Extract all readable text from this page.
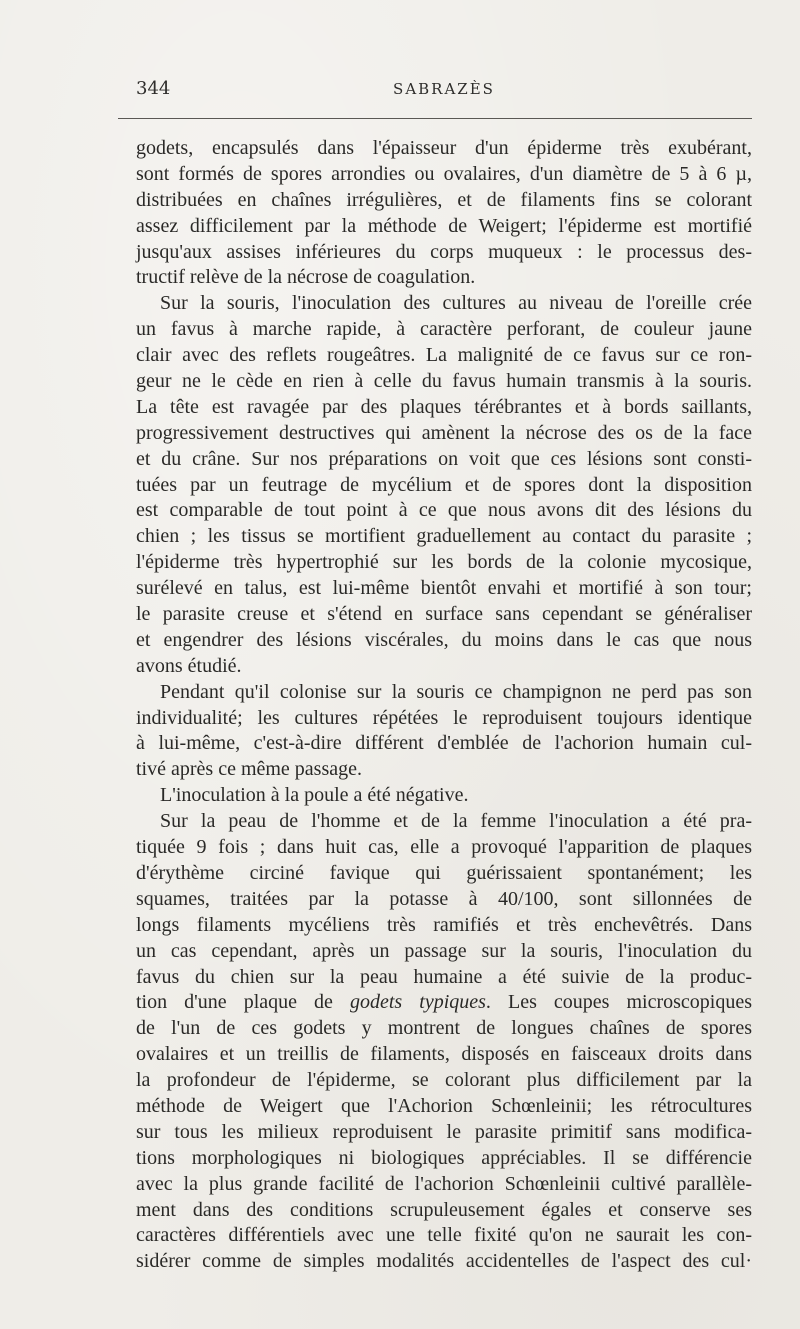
344	SABRAZÈS
godets, encapsulés dans l'épaisseur d'un épiderme très exubérant,
sont formés de spores arrondies ou ovalaires, d'un diamètre de 5 à 6 µ,
distribuées en chaînes irrégulières, et de filaments fins se colorant
assez difficilement par la méthode de Weigert; l'épiderme est mortifié
jusqu'aux assises inférieures du corps muqueux : le processus des-
tructif relève de la nécrose de coagulation.
Sur la souris, l'inoculation des cultures au niveau de l'oreille crée
un favus à marche rapide, à caractère perforant, de couleur jaune
clair avec des reflets rougeâtres. La malignité de ce favus sur ce ron-
geur ne le cède en rien à celle du favus humain transmis à la souris.
La tête est ravagée par des plaques térébrantes et à bords saillants,
progressivement destructives qui amènent la nécrose des os de la face
et du crâne. Sur nos préparations on voit que ces lésions sont consti-
tuées par un feutrage de mycélium et de spores dont la disposition
est comparable de tout point à ce que nous avons dit des lésions du
chien ; les tissus se mortifient graduellement au contact du parasite ;
l'épiderme très hypertrophié sur les bords de la colonie mycosique,
surélevé en talus, est lui-même bientôt envahi et mortifié à son tour;
le parasite creuse et s'étend en surface sans cependant se généraliser
et engendrer des lésions viscérales, du moins dans le cas que nous
avons étudié.
Pendant qu'il colonise sur la souris ce champignon ne perd pas son
individualité; les cultures répétées le reproduisent toujours identique
à lui-même, c'est-à-dire différent d'emblée de l'achorion humain cul-
tivé après ce même passage.
L'inoculation à la poule a été négative.
Sur la peau de l'homme et de la femme l'inoculation a été pra-
tiquée 9 fois ; dans huit cas, elle a provoqué l'apparition de plaques
d'érythème circiné favique qui guérissaient spontanément; les
squames, traitées par la potasse à 40/100, sont sillonnées de
longs filaments mycéliens très ramifiés et très enchevêtrés. Dans
un cas cependant, après un passage sur la souris, l'inoculation du
favus du chien sur la peau humaine a été suivie de la produc-
tion d'une plaque de godets typiques. Les coupes microscopiques
de l'un de ces godets y montrent de longues chaînes de spores
ovalaires et un treillis de filaments, disposés en faisceaux droits dans
la profondeur de l'épiderme, se colorant plus difficilement par la
méthode de Weigert que l'Achorion Schœnleinii; les rétrocultures
sur tous les milieux reproduisent le parasite primitif sans modifica-
tions morphologiques ni biologiques appréciables. Il se différencie
avec la plus grande facilité de l'achorion Schœnleinii cultivé parallèle-
ment dans des conditions scrupuleusement égales et conserve ses
caractères différentiels avec une telle fixité qu'on ne saurait les con-
sidérer comme de simples modalités accidentelles de l'aspect des cul·
